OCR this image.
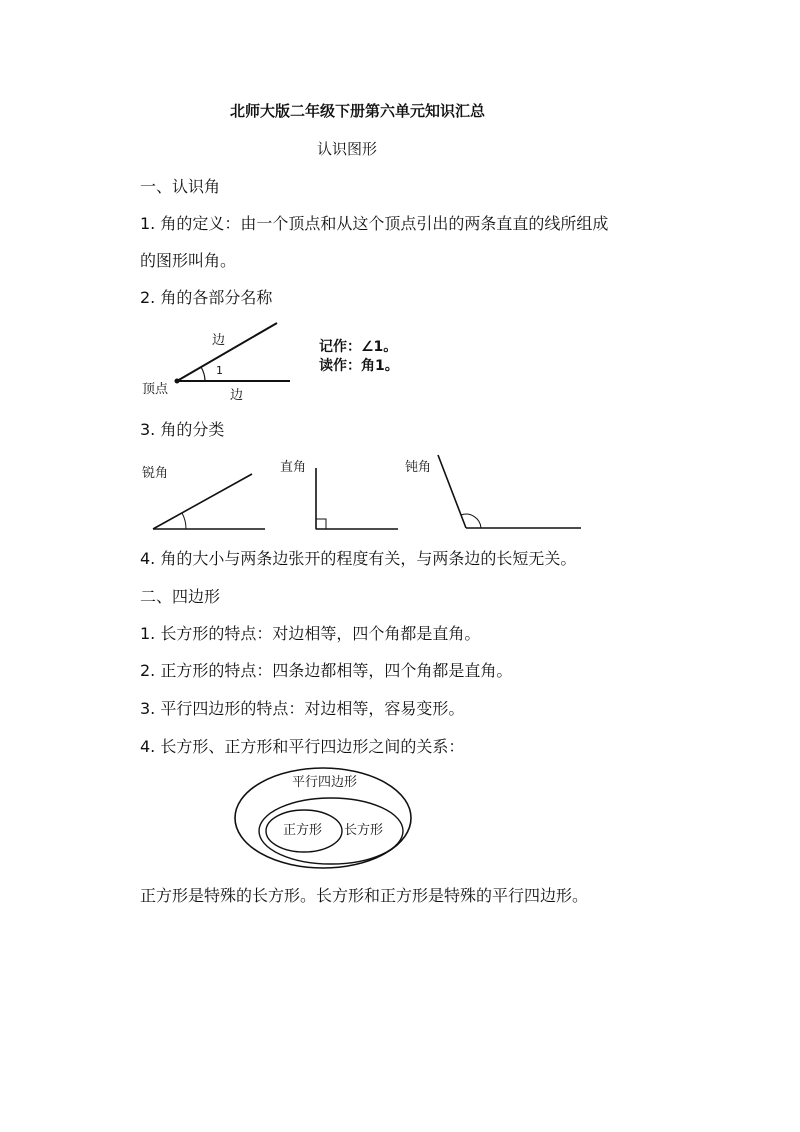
北师大版二年级下册第六单元知识汇总
认识图形
一、认识角
1. 角的定义：由一个顶点和从这个顶点引出的两条直直的线所组成
的图形叫角。
2. 角的各部分名称
边
边
顶点
1
记作：∠1。
读作：角1。
3. 角的分类
锐角	直角	钝角
4. 角的大小与两条边张开的程度有关，与两条边的长短无关。
二、四边形
1. 长方形的特点：对边相等，四个角都是直角。
2. 正方形的特点：四条边都相等，四个角都是直角。
3. 平行四边形的特点：对边相等，容易变形。
4. 长方形、正方形和平行四边形之间的关系：
平行四边形
长方形
正方形
正方形是特殊的长方形。长方形和正方形是特殊的平行四边形。
